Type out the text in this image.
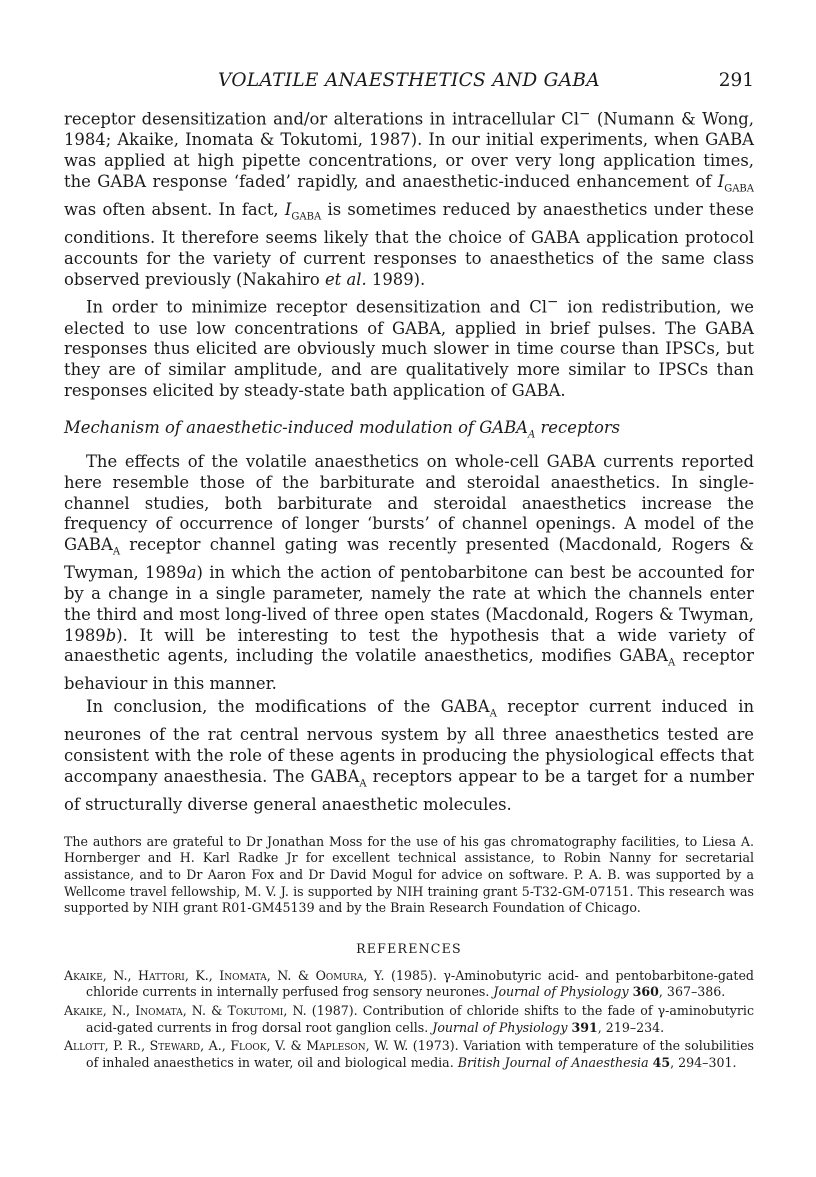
VOLATILE ANAESTHETICS AND GABA	291

receptor desensitization and/or alterations in intracellular Cl− (Numann & Wong, 1984; Akaike, Inomata & Tokutomi, 1987). In our initial experiments, when GABA was applied at high pipette concentrations, or over very long application times, the GABA response ‘faded’ rapidly, and anaesthetic-induced enhancement of $I_{GABA}$ was often absent. In fact, $I_{GABA}$ is sometimes reduced by anaesthetics under these conditions. It therefore seems likely that the choice of GABA application protocol accounts for the variety of current responses to anaesthetics of the same class observed previously (Nakahiro et al. 1989).

In order to minimize receptor desensitization and Cl− ion redistribution, we elected to use low concentrations of GABA, applied in brief pulses. The GABA responses thus elicited are obviously much slower in time course than IPSCs, but they are of similar amplitude, and are qualitatively more similar to IPSCs than responses elicited by steady-state bath application of GABA.

Mechanism of anaesthetic-induced modulation of $GABA_A$ receptors

The effects of the volatile anaesthetics on whole-cell GABA currents reported here resemble those of the barbiturate and steroidal anaesthetics. In single-channel studies, both barbiturate and steroidal anaesthetics increase the frequency of occurrence of longer ‘bursts’ of channel openings. A model of the $GABA_A$ receptor channel gating was recently presented (Macdonald, Rogers & Twyman, 1989a) in which the action of pentobarbitone can best be accounted for by a change in a single parameter, namely the rate at which the channels enter the third and most long-lived of three open states (Macdonald, Rogers & Twyman, 1989b). It will be interesting to test the hypothesis that a wide variety of anaesthetic agents, including the volatile anaesthetics, modifies $GABA_A$ receptor behaviour in this manner.

In conclusion, the modifications of the $GABA_A$ receptor current induced in neurones of the rat central nervous system by all three anaesthetics tested are consistent with the role of these agents in producing the physiological effects that accompany anaesthesia. The $GABA_A$ receptors appear to be a target for a number of structurally diverse general anaesthetic molecules.

The authors are grateful to Dr Jonathan Moss for the use of his gas chromatography facilities, to Liesa A. Hornberger and H. Karl Radke Jr for excellent technical assistance, to Robin Nanny for secretarial assistance, and to Dr Aaron Fox and Dr David Mogul for advice on software. P. A. B. was supported by a Wellcome travel fellowship, M. V. J. is supported by NIH training grant 5-T32-GM-07151. This research was supported by NIH grant R01-GM45139 and by the Brain Research Foundation of Chicago.
REFERENCES
Akaike, N., Hattori, K., Inomata, N. & Oomura, Y. (1985). γ-Aminobutyric acid- and pentobarbitone-gated chloride currents in internally perfused frog sensory neurones. Journal of Physiology 360, 367–386.
Akaike, N., Inomata, N. & Tokutomi, N. (1987). Contribution of chloride shifts to the fade of γ-aminobutyric acid-gated currents in frog dorsal root ganglion cells. Journal of Physiology 391, 219–234.
Allott, P. R., Steward, A., Flook, V. & Mapleson, W. W. (1973). Variation with temperature of the solubilities of inhaled anaesthetics in water, oil and biological media. British Journal of Anaesthesia 45, 294–301.
